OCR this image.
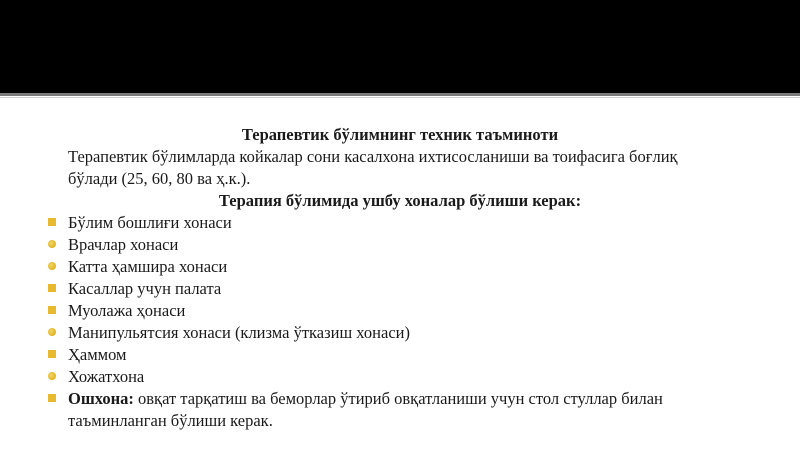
Терапевтик бўлимнинг техник таъминоти
Терапевтик бўлимларда койкалар сони касалхона ихтисосланиши ва тоифасига боғлиқ
бўлади (25, 60, 80 ва ҳ.к.).
Терапия бўлимида ушбу хоналар бўлиши керак:
Бўлим бошлиғи хонаси
Врачлар хонаси
Катта ҳамшира хонаси
Касаллар учун палата
Муолажа ҳонаси
Манипульятсия хонаси (клизма ўтказиш хонаси)
Ҳаммом
Хожатхона
Ошхона: овқат тарқатиш ва беморлар ўтириб овқатланиши учун стол стуллар билан
таъминланган бўлиши керак.
